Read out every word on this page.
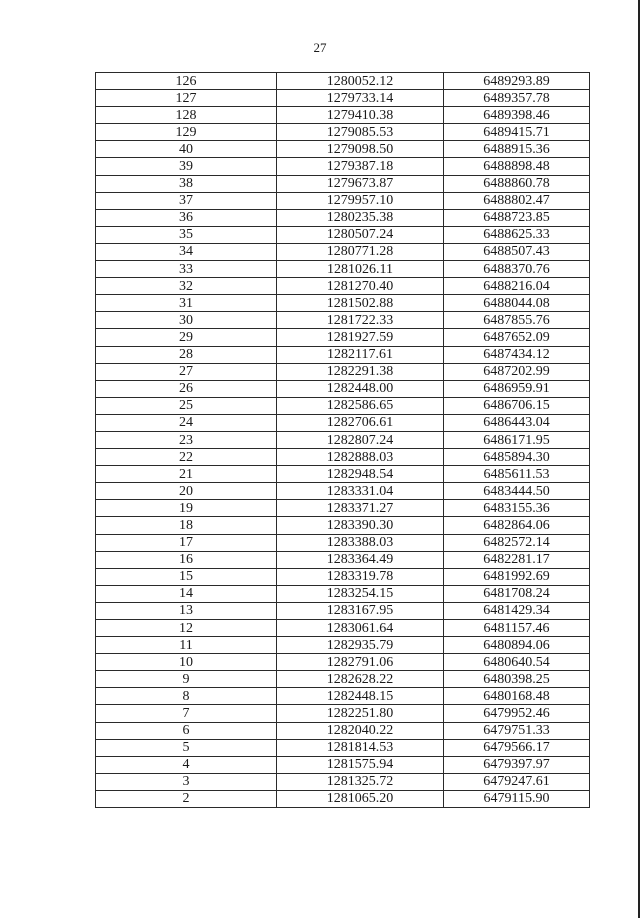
27
126	1280052.12	6489293.89
127	1279733.14	6489357.78
128	1279410.38	6489398.46
129	1279085.53	6489415.71
40	1279098.50	6488915.36
39	1279387.18	6488898.48
38	1279673.87	6488860.78
37	1279957.10	6488802.47
36	1280235.38	6488723.85
35	1280507.24	6488625.33
34	1280771.28	6488507.43
33	1281026.11	6488370.76
32	1281270.40	6488216.04
31	1281502.88	6488044.08
30	1281722.33	6487855.76
29	1281927.59	6487652.09
28	1282117.61	6487434.12
27	1282291.38	6487202.99
26	1282448.00	6486959.91
25	1282586.65	6486706.15
24	1282706.61	6486443.04
23	1282807.24	6486171.95
22	1282888.03	6485894.30
21	1282948.54	6485611.53
20	1283331.04	6483444.50
19	1283371.27	6483155.36
18	1283390.30	6482864.06
17	1283388.03	6482572.14
16	1283364.49	6482281.17
15	1283319.78	6481992.69
14	1283254.15	6481708.24
13	1283167.95	6481429.34
12	1283061.64	6481157.46
11	1282935.79	6480894.06
10	1282791.06	6480640.54
9	1282628.22	6480398.25
8	1282448.15	6480168.48
7	1282251.80	6479952.46
6	1282040.22	6479751.33
5	1281814.53	6479566.17
4	1281575.94	6479397.97
3	1281325.72	6479247.61
2	1281065.20	6479115.90
